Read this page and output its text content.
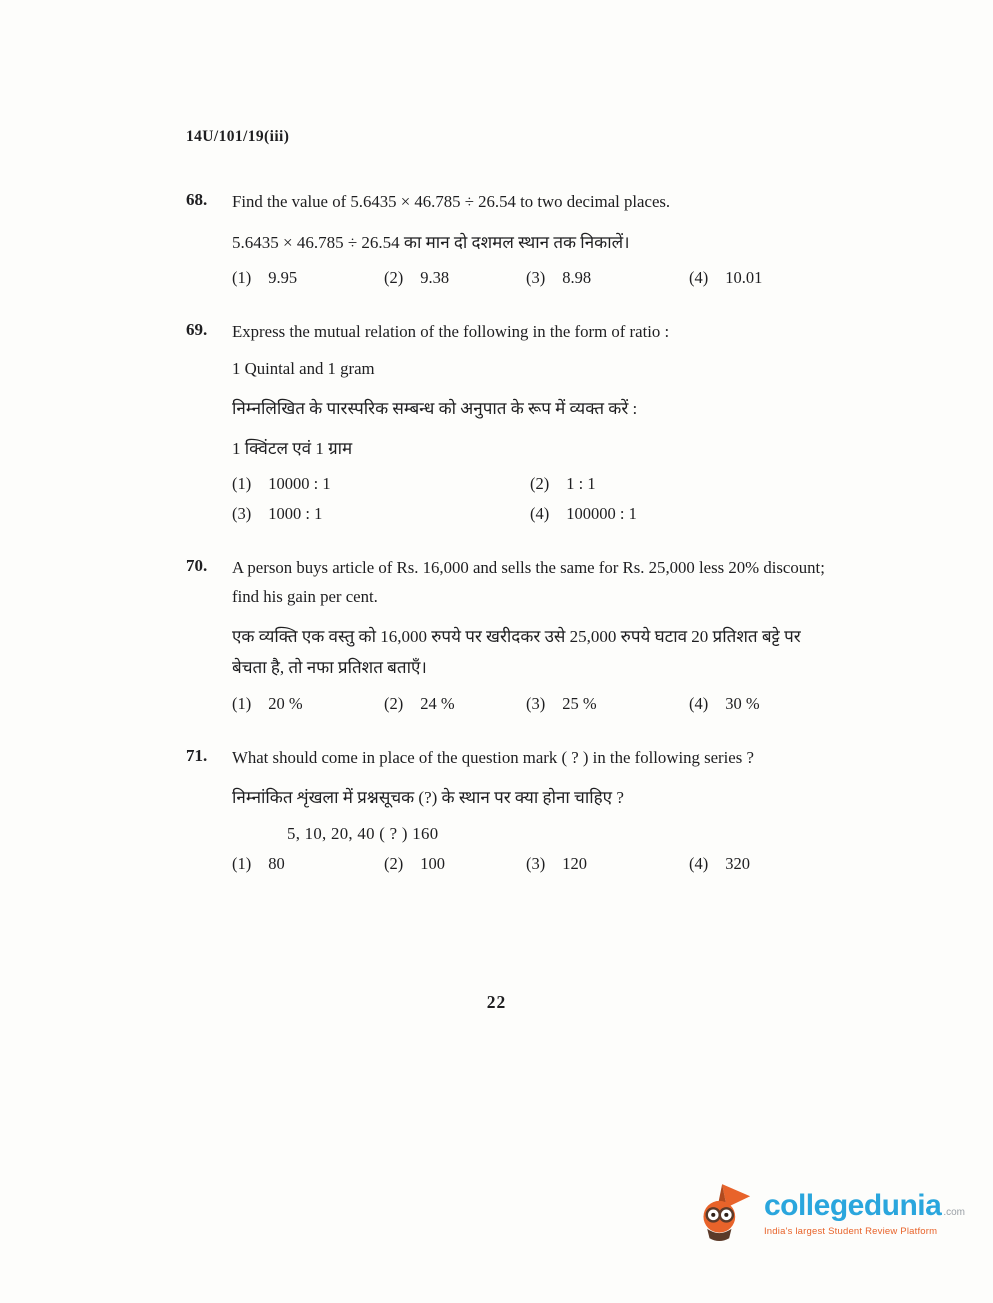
14U/101/19(iii)
68.	Find the value of 5.6435 × 46.785 ÷ 26.54 to two decimal places.

5.6435 × 46.785 ÷ 26.54 का मान दो दशमल स्थान तक निकालें।

(1) 9.95	(2) 9.38	(3) 8.98	(4) 10.01
69.	Express the mutual relation of the following in the form of ratio :

1 Quintal and 1 gram

निम्नलिखित के पारस्परिक सम्बन्ध को अनुपात के रूप में व्यक्त करें :

1 क्विंटल एवं 1 ग्राम

(1) 10000 : 1	(2) 1 : 1
(3) 1000 : 1	(4) 100000 : 1
70.	A person buys article of Rs. 16,000 and sells the same for Rs. 25,000 less 20% discount; find his gain per cent.

एक व्यक्ति एक वस्तु को 16,000 रुपये पर खरीदकर उसे 25,000 रुपये घटाव 20 प्रतिशत बट्टे पर बेचता है, तो नफा प्रतिशत बताएँ।

(1) 20 %	(2) 24 %	(3) 25 %	(4) 30 %
71.	What should come in place of the question mark ( ? ) in the following series ?

निम्नांकित शृंखला में प्रश्नसूचक (?) के स्थान पर क्या होना चाहिए ?

5, 10, 20, 40 ( ? ) 160
(1) 80	(2) 100	(3) 120	(4) 320
22
collegedunia .com
India's largest Student Review Platform
